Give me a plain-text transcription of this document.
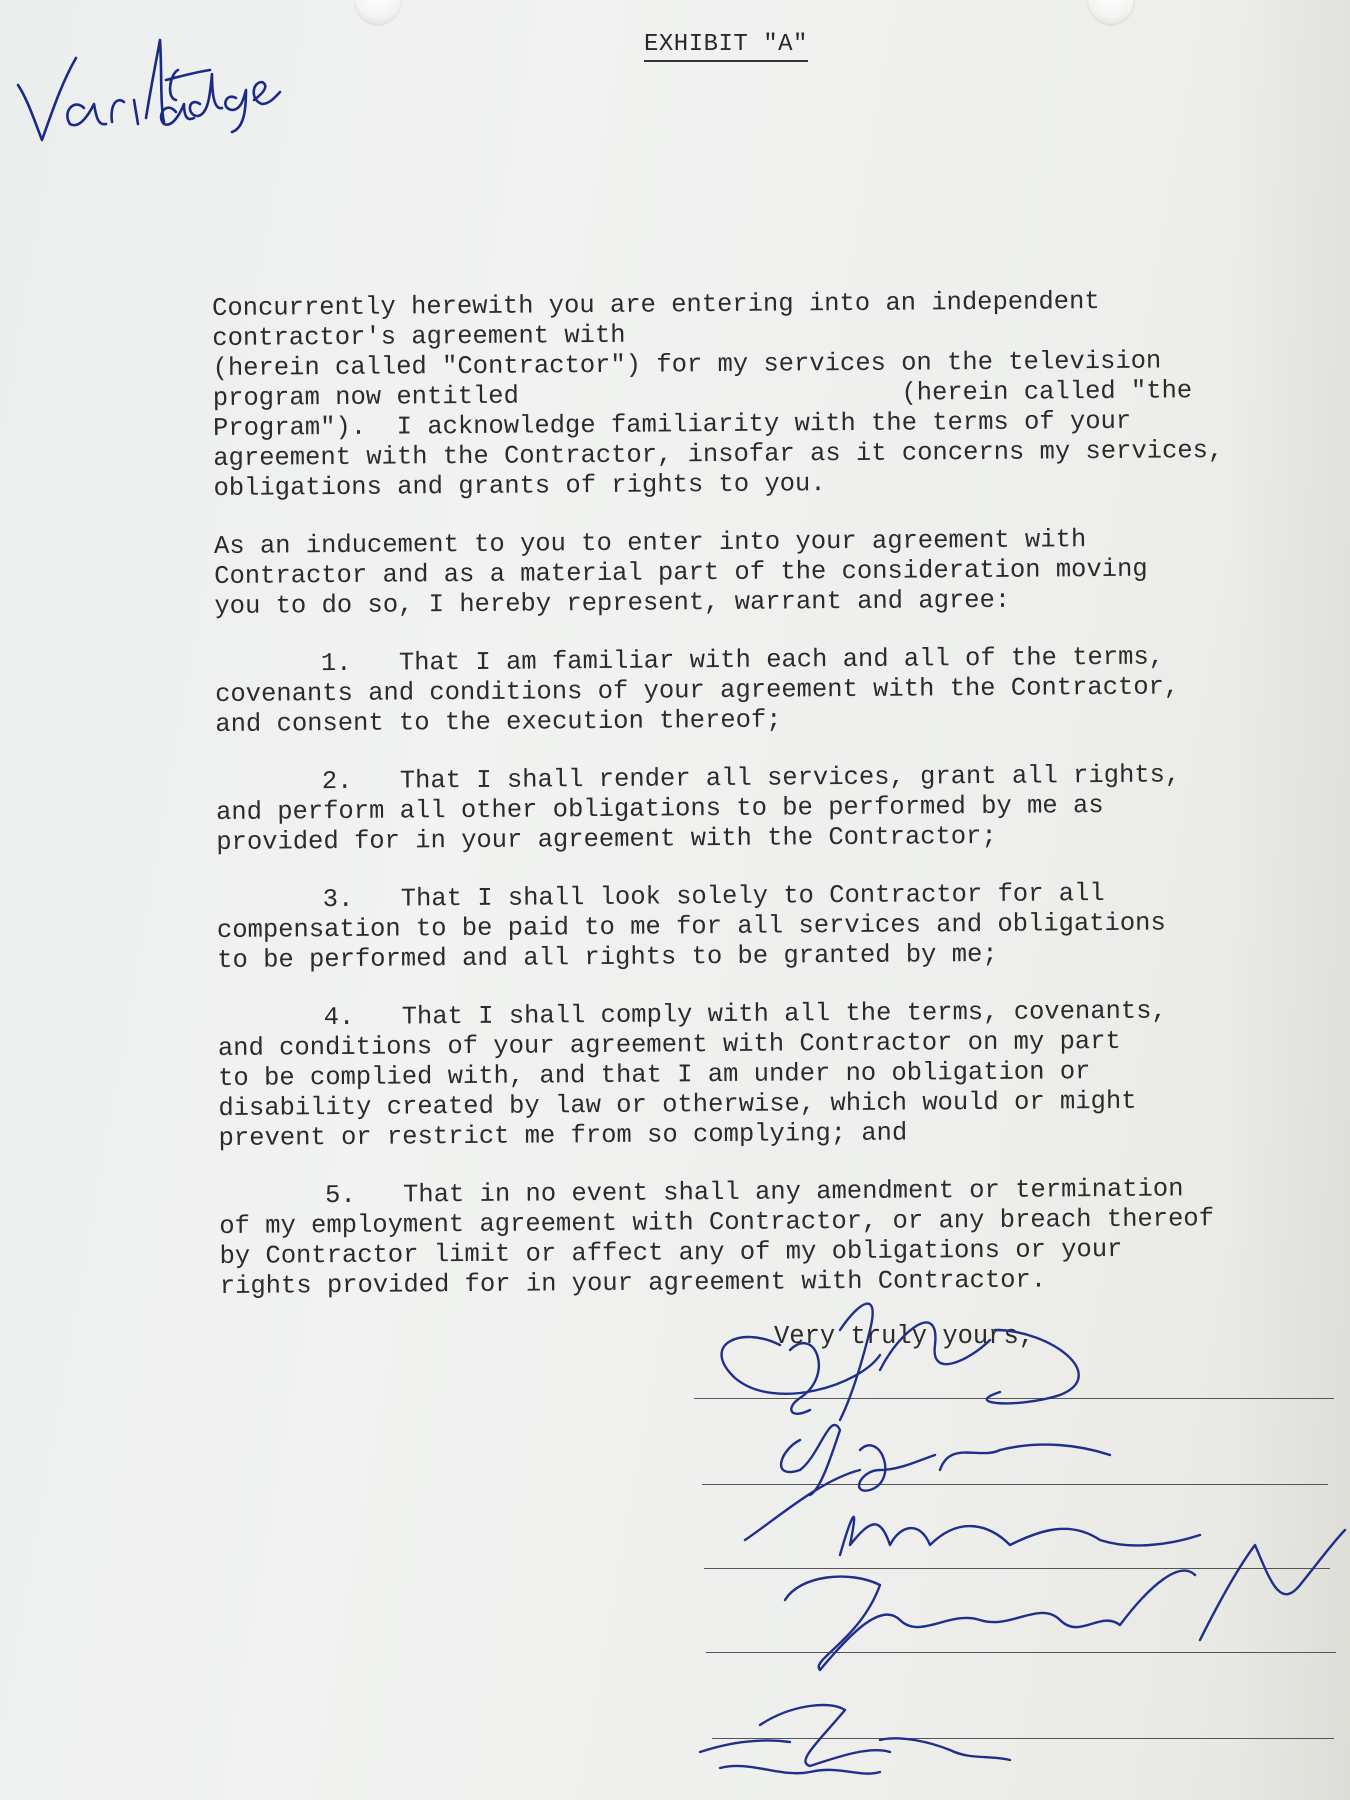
EXHIBIT "A"
Concurrently herewith you are entering into an independent
contractor's agreement with
(herein called "Contractor") for my services on the television
program now entitled                         (herein called "the
Program").  I acknowledge familiarity with the terms of your
agreement with the Contractor, insofar as it concerns my services,
obligations and grants of rights to you.
As an inducement to you to enter into your agreement with
Contractor and as a material part of the consideration moving
you to do so, I hereby represent, warrant and agree:
1. That I am familiar with each and all of the terms,
covenants and conditions of your agreement with the Contractor,
and consent to the execution thereof;
2. That I shall render all services, grant all rights,
and perform all other obligations to be performed by me as
provided for in your agreement with the Contractor;
3. That I shall look solely to Contractor for all
compensation to be paid to me for all services and obligations
to be performed and all rights to be granted by me;
4. That I shall comply with all the terms, covenants,
and conditions of your agreement with Contractor on my part
to be complied with, and that I am under no obligation or
disability created by law or otherwise, which would or might
prevent or restrict me from so complying; and
5. That in no event shall any amendment or termination
of my employment agreement with Contractor, or any breach thereof
by Contractor limit or affect any of my obligations or your
rights provided for in your agreement with Contractor.
Very truly yours,
